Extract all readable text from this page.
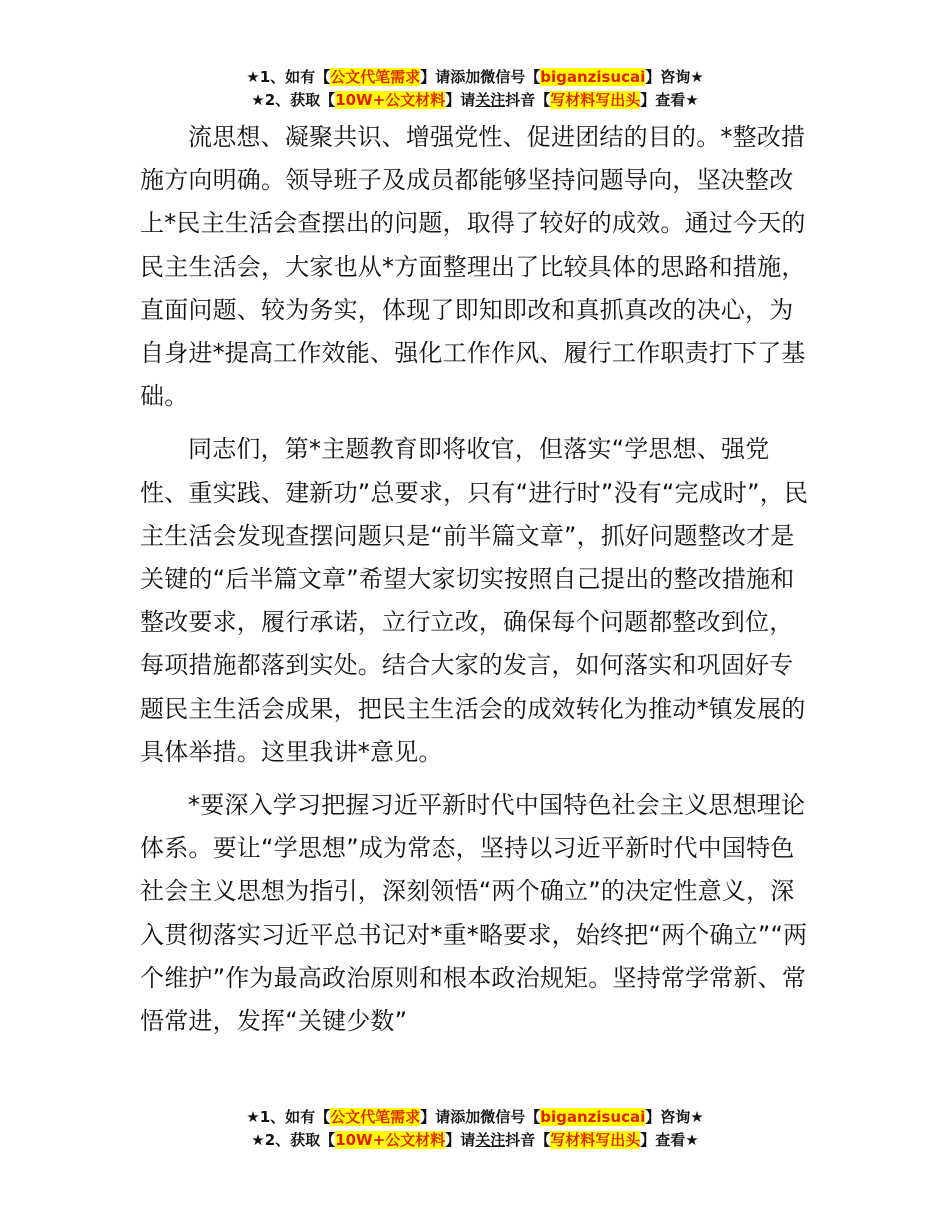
★1、如有【公文代笔需求】请添加微信号【biganzisucai】咨询★
★2、获取【10W+公文材料】请关注抖音【写材料写出头】查看★

流思想、凝聚共识、增强党性、促进团结的目的。*整改措施方向明确。领导班子及成员都能够坚持问题导向，坚决整改上*民主生活会查摆出的问题，取得了较好的成效。通过今天的民主生活会，大家也从*方面整理出了比较具体的思路和措施，直面问题、较为务实，体现了即知即改和真抓真改的决心，为自身进*提高工作效能、强化工作作风、履行工作职责打下了基础。

同志们，第*主题教育即将收官，但落实“学思想、强党性、重实践、建新功”总要求，只有“进行时”没有“完成时”，民主生活会发现查摆问题只是“前半篇文章”，抓好问题整改才是关键的“后半篇文章”希望大家切实按照自己提出的整改措施和整改要求，履行承诺，立行立改，确保每个问题都整改到位，每项措施都落到实处。结合大家的发言，如何落实和巩固好专题民主生活会成果，把民主生活会的成效转化为推动*镇发展的具体举措。这里我讲*意见。

*要深入学习把握习近平新时代中国特色社会主义思想理论体系。要让“学思想”成为常态，坚持以习近平新时代中国特色社会主义思想为指引，深刻领悟“两个确立”的决定性意义，深入贯彻落实习近平总书记对*重*略要求，始终把“两个确立”“两个维护”作为最高政治原则和根本政治规矩。坚持常学常新、常悟常进，发挥“关键少数”

★1、如有【公文代笔需求】请添加微信号【biganzisucai】咨询★
★2、获取【10W+公文材料】请关注抖音【写材料写出头】查看★
